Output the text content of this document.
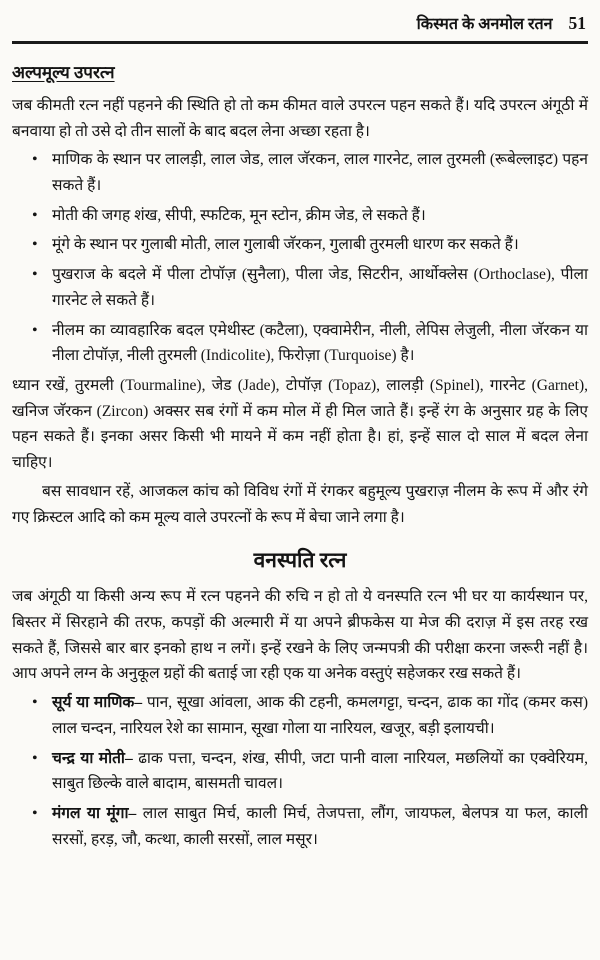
किस्मत के अनमोल रतन 51
अल्पमूल्य उपरत्न

जब कीमती रत्न नहीं पहनने की स्थिति हो तो कम कीमत वाले उपरत्न पहन सकते हैं। यदि उपरत्न अंगूठी में बनवाया हो तो उसे दो तीन सालों के बाद बदल लेना अच्छा रहता है।

• माणिक के स्थान पर लालड़ी, लाल जेड, लाल जॅरकन, लाल गारनेट, लाल तुरमली (रूबेल्लाइट) पहन सकते हैं।
• मोती की जगह शंख, सीपी, स्फटिक, मून स्टोन, क्रीम जेड, ले सकते हैं।
• मूंगे के स्थान पर गुलाबी मोती, लाल गुलाबी जॅरकन, गुलाबी तुरमली धारण कर सकते हैं।
• पुखराज के बदले में पीला टोपॉज़ (सुनैला), पीला जेड, सिटरीन, आर्थोक्लेस (Orthoclase), पीला गारनेट ले सकते हैं।
• नीलम का व्यावहारिक बदल एमेथीस्ट (कटैला), एक्वामेरीन, नीली, लेपिस लेजुली, नीला जॅरकन या नीला टोपॉज़, नीली तुरमली (Indicolite), फिरोज़ा (Turquoise) है।

ध्यान रखें, तुरमली (Tourmaline), जेड (Jade), टोपॉज़ (Topaz), लालड़ी (Spinel), गारनेट (Garnet), खनिज जॅरकन (Zircon) अक्सर सब रंगों में कम मोल में ही मिल जाते हैं। इन्हें रंग के अनुसार ग्रह के लिए पहन सकते हैं। इनका असर किसी भी मायने में कम नहीं होता है। हां, इन्हें साल दो साल में बदल लेना चाहिए।

बस सावधान रहें, आजकल कांच को विविध रंगों में रंगकर बहुमूल्य पुखराज़ नीलम के रूप में और रंगे गए क्रिस्टल आदि को कम मूल्य वाले उपरत्नों के रूप में बेचा जाने लगा है।

वनस्पति रत्न

जब अंगूठी या किसी अन्य रूप में रत्न पहनने की रुचि न हो तो ये वनस्पति रत्न भी घर या कार्यस्थान पर, बिस्तर में सिरहाने की तरफ, कपड़ों की अल्मारी में या अपने ब्रीफकेस या मेज की दराज़ में इस तरह रख सकते हैं, जिससे बार बार इनको हाथ न लगें। इन्हें रखने के लिए जन्मपत्री की परीक्षा करना जरूरी नहीं है। आप अपने लग्न के अनुकूल ग्रहों की बताई जा रही एक या अनेक वस्तुएं सहेजकर रख सकते हैं।

• सूर्य या माणिक– पान, सूखा आंवला, आक की टहनी, कमलगट्टा, चन्दन, ढाक का गोंद (कमर कस) लाल चन्दन, नारियल रेशे का सामान, सूखा गोला या नारियल, खजूर, बड़ी इलायची।
• चन्द्र या मोती– ढाक पत्ता, चन्दन, शंख, सीपी, जटा पानी वाला नारियल, मछलियों का एक्वेरियम, साबुत छिल्के वाले बादाम, बासमती चावल।
• मंगल या मूंगा– लाल साबुत मिर्च, काली मिर्च, तेजपत्ता, लौंग, जायफल, बेलपत्र या फल, काली सरसों, हरड़, जौ, कत्था, काली सरसों, लाल मसूर।
